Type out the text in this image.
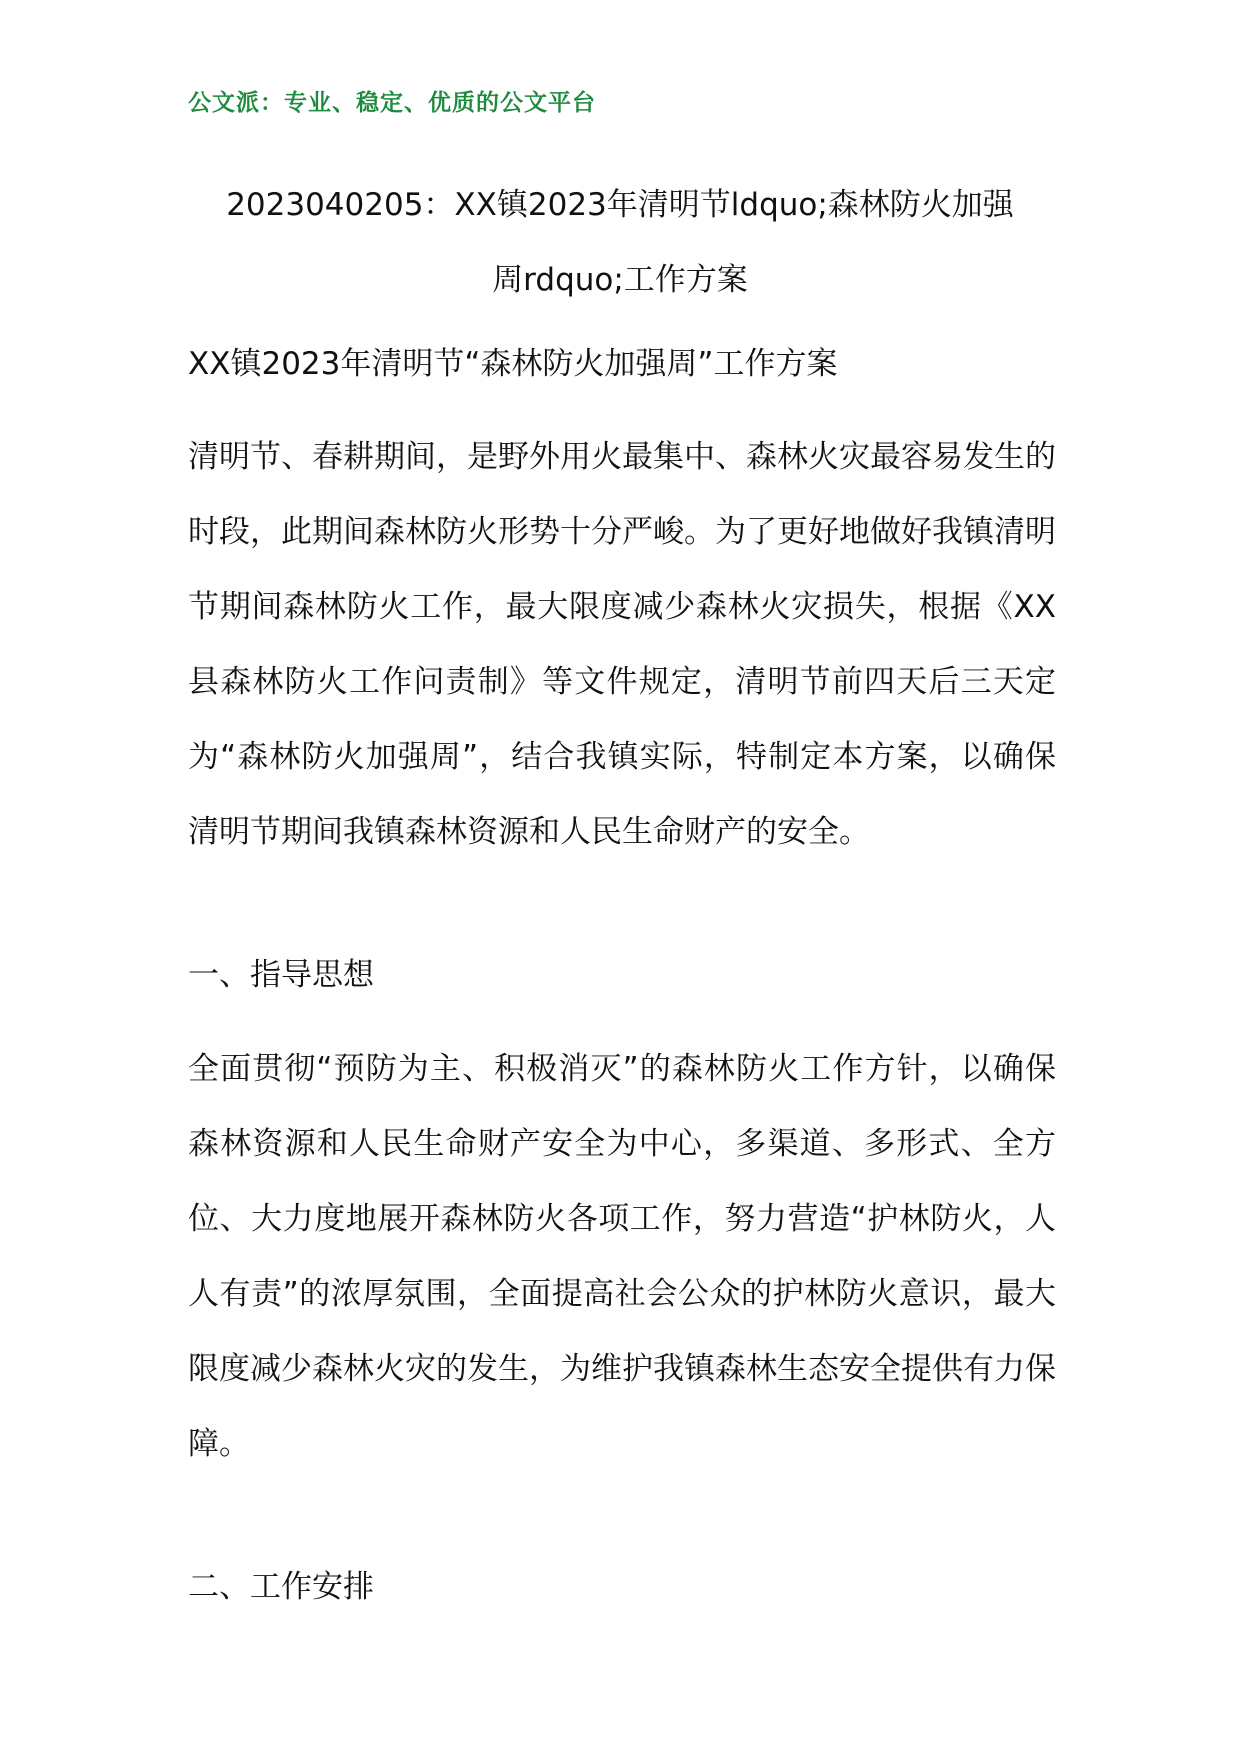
公文派：专业、稳定、优质的公文平台
2023040205：XX镇2023年清明节ldquo;森林防火加强
周rdquo;工作方案
XX镇2023年清明节“森林防火加强周”工作方案

清明节、春耕期间，是野外用火最集中、森林火灾最容易发生的时段，此期间森林防火形势十分严峻。为了更好地做好我镇清明节期间森林防火工作，最大限度减少森林火灾损失，根据《XX县森林防火工作问责制》等文件规定，清明节前四天后三天定为“森林防火加强周”，结合我镇实际，特制定本方案，以确保清明节期间我镇森林资源和人民生命财产的安全。

一、指导思想

全面贯彻“预防为主、积极消灭”的森林防火工作方针，以确保森林资源和人民生命财产安全为中心，多渠道、多形式、全方位、大力度地展开森林防火各项工作，努力营造“护林防火，人人有责”的浓厚氛围，全面提高社会公众的护林防火意识，最大限度减少森林火灾的发生，为维护我镇森林生态安全提供有力保障。

二、工作安排
